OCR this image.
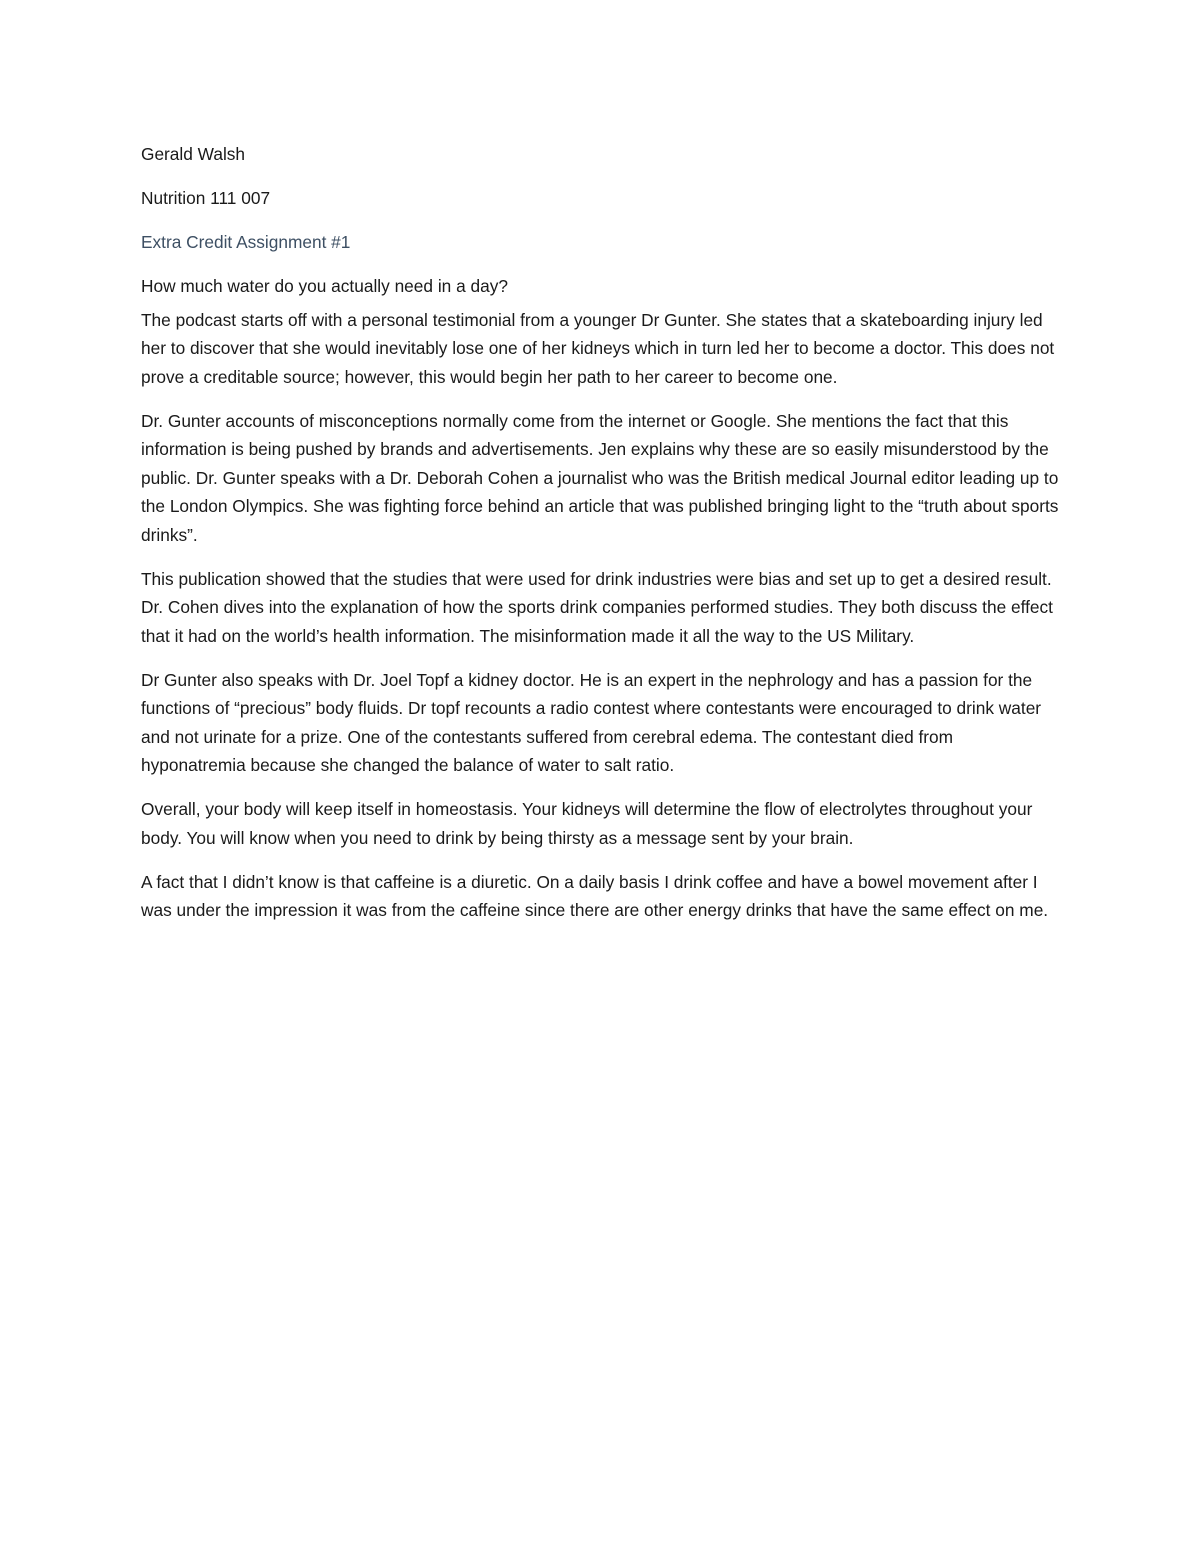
Gerald Walsh

Nutrition 111 007

Extra Credit Assignment #1

How much water do you actually need in a day?

The podcast starts off with a personal testimonial from a younger Dr Gunter. She states that a skateboarding injury led her to discover that she would inevitably lose one of her kidneys which in turn led her to become a doctor. This does not prove a creditable source; however, this would begin her path to her career to become one.

Dr. Gunter accounts of misconceptions normally come from the internet or Google. She mentions the fact that this information is being pushed by brands and advertisements. Jen explains why these are so easily misunderstood by the public. Dr. Gunter speaks with a Dr. Deborah Cohen a journalist who was the British medical Journal editor leading up to the London Olympics. She was fighting force behind an article that was published bringing light to the “truth about sports drinks”.

This publication showed that the studies that were used for drink industries were bias and set up to get a desired result. Dr. Cohen dives into the explanation of how the sports drink companies performed studies. They both discuss the effect that it had on the world’s health information. The misinformation made it all the way to the US Military.

Dr Gunter also speaks with Dr. Joel Topf a kidney doctor. He is an expert in the nephrology and has a passion for the functions of “precious” body fluids. Dr topf recounts a radio contest where contestants were encouraged to drink water and not urinate for a prize. One of the contestants suffered from cerebral edema. The contestant died from hyponatremia because she changed the balance of water to salt ratio.

Overall, your body will keep itself in homeostasis. Your kidneys will determine the flow of electrolytes throughout your body. You will know when you need to drink by being thirsty as a message sent by your brain.

A fact that I didn’t know is that caffeine is a diuretic. On a daily basis I drink coffee and have a bowel movement after I was under the impression it was from the caffeine since there are other energy drinks that have the same effect on me.
